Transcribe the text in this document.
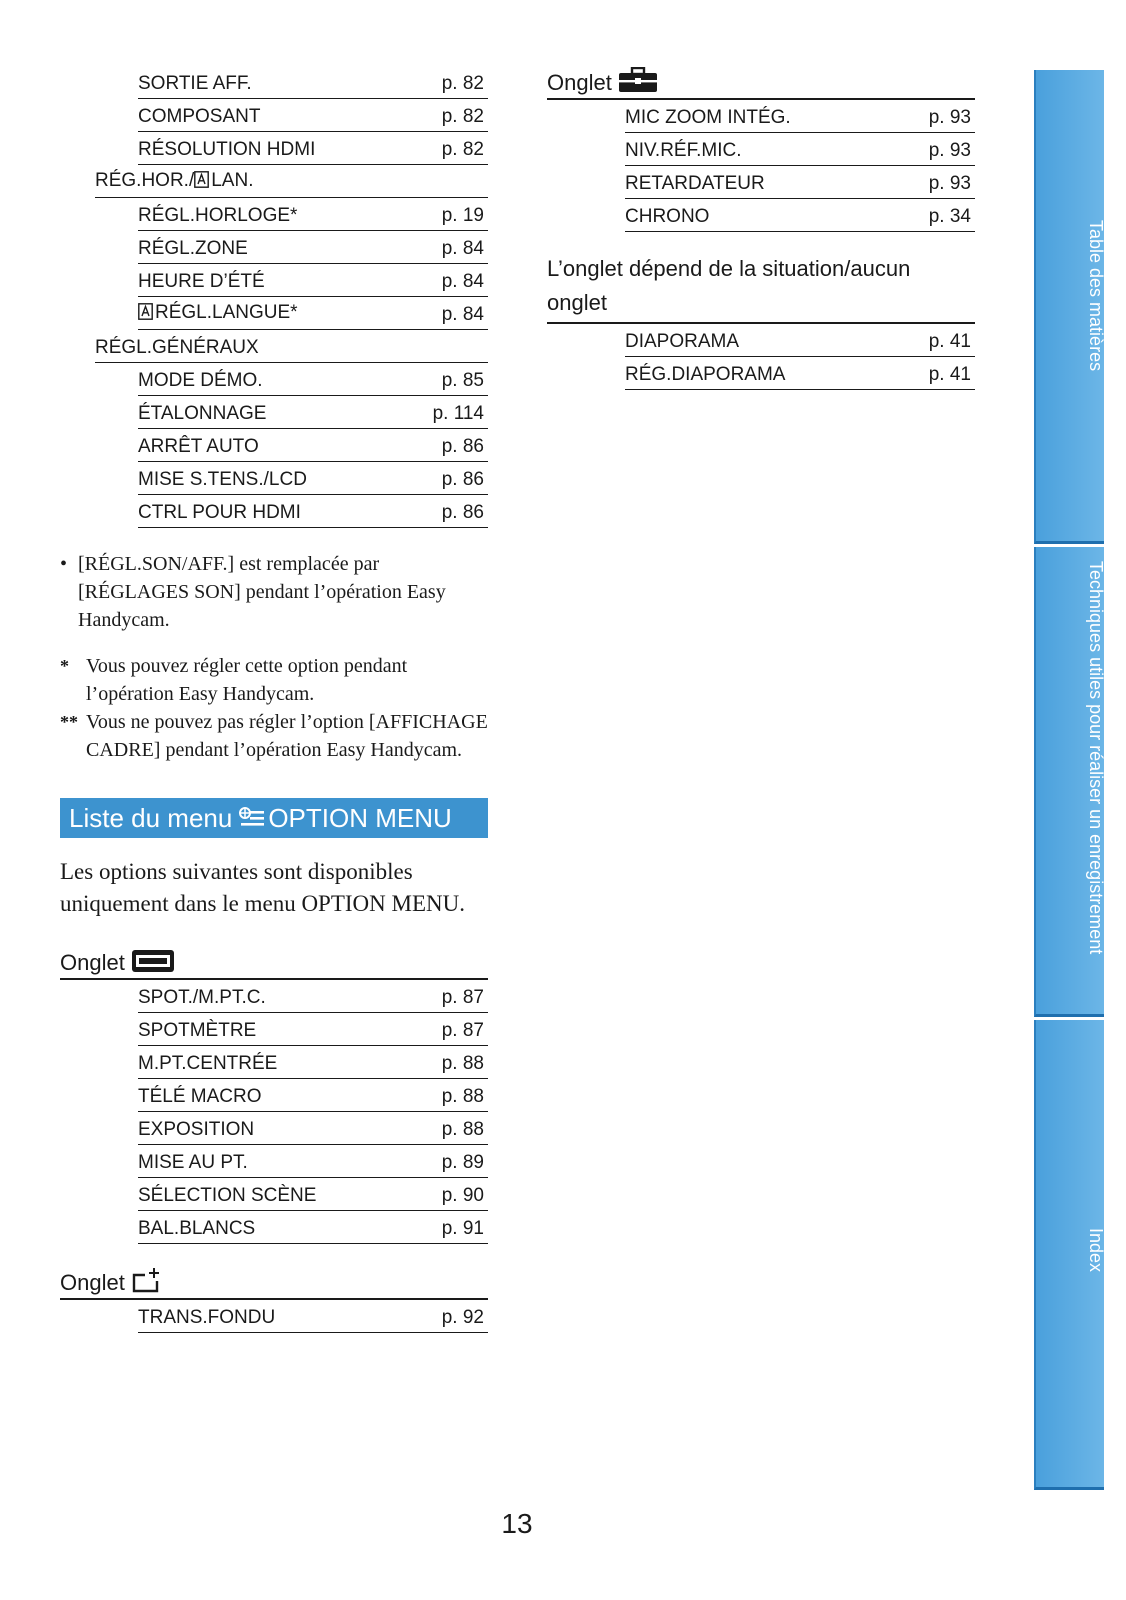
SORTIE AFF.	p. 82
COMPOSANT	p. 82
RÉSOLUTION HDMI	p. 82
RÉG.HOR./ LAN.
RÉGL.HORLOGE*	p. 19
RÉGL.ZONE	p. 84
HEURE D’ÉTÉ	p. 84
RÉGL.LANGUE*	p. 84
RÉGL.GÉNÉRAUX
MODE DÉMO.	p. 85
ÉTALONNAGE	p. 114
ARRÊT AUTO	p. 86
MISE S.TENS./LCD	p. 86
CTRL POUR HDMI	p. 86
• [RÉGL.SON/AFF.] est remplacée par [RÉGLAGES SON] pendant l’opération Easy Handycam.
* Vous pouvez régler cette option pendant l’opération Easy Handycam.
** Vous ne pouvez pas régler l’option [AFFICHAGE CADRE] pendant l’opération Easy Handycam.
Liste du menu OPTION MENU
Les options suivantes sont disponibles uniquement dans le menu OPTION MENU.
Onglet
SPOT./M.PT.C.	p. 87
SPOTMÈTRE	p. 87
M.PT.CENTRÉE	p. 88
TÉLÉ MACRO	p. 88
EXPOSITION	p. 88
MISE AU PT.	p. 89
SÉLECTION SCÈNE	p. 90
BAL.BLANCS	p. 91
Onglet
TRANS.FONDU	p. 92
Onglet
MIC ZOOM INTÉG.	p. 93
NIV.RÉF.MIC.	p. 93
RETARDATEUR	p. 93
CHRONO	p. 34
L’onglet dépend de la situation/aucun onglet
DIAPORAMA	p. 41
RÉG.DIAPORAMA	p. 41
Table des matières
Techniques utiles pour réaliser un enregistrement
Index
13
